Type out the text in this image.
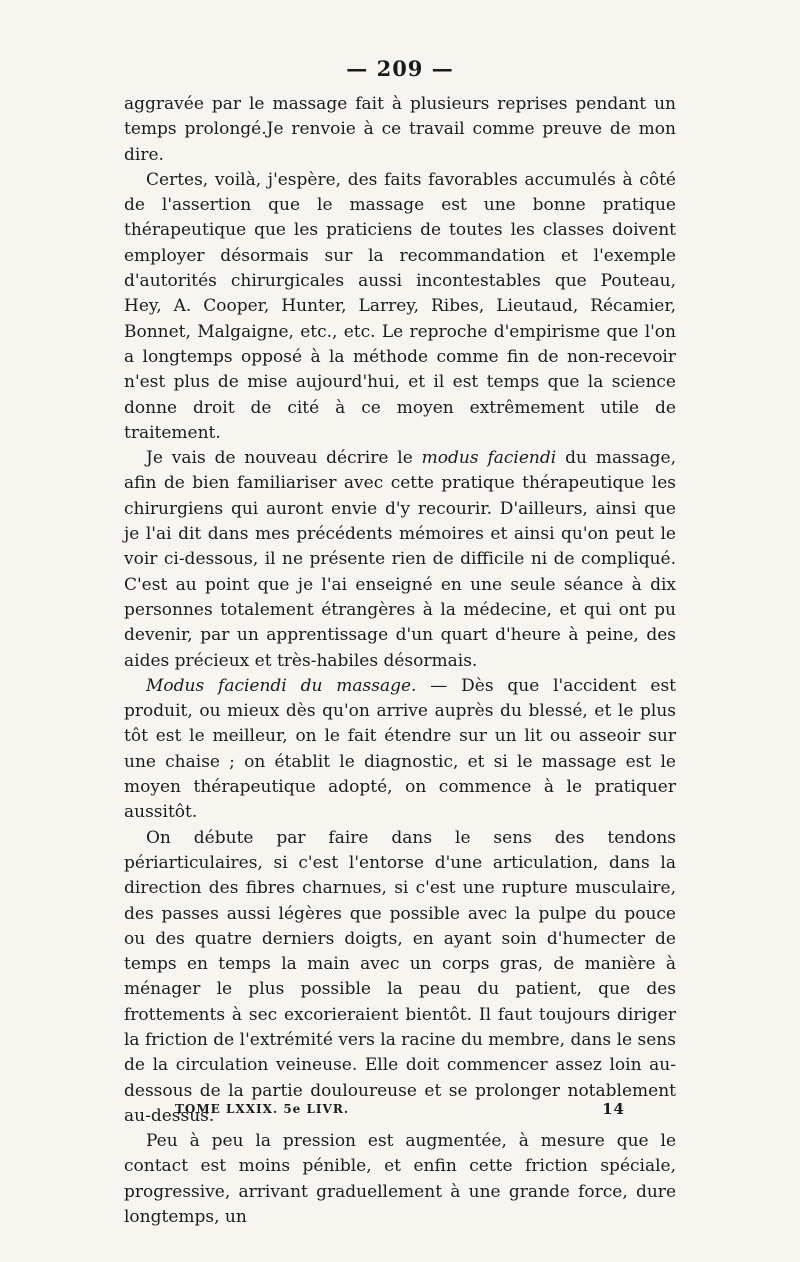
— 209 —

aggravée par le massage fait à plusieurs reprises pendant un temps prolongé.Je renvoie à ce travail comme preuve de mon dire.

Certes, voilà, j'espère, des faits favorables accumulés à côté de l'assertion que le massage est une bonne pratique thérapeutique que les praticiens de toutes les classes doivent employer désormais sur la recommandation et l'exemple d'autorités chirurgicales aussi incontestables que Pouteau, Hey, A. Cooper, Hunter, Larrey, Ribes, Lieutaud, Récamier, Bonnet, Malgaigne, etc., etc. Le reproche d'empirisme que l'on a longtemps opposé à la méthode comme fin de non-recevoir n'est plus de mise aujourd'hui, et il est temps que la science donne droit de cité à ce moyen extrêmement utile de traitement.

Je vais de nouveau décrire le modus faciendi du massage, afin de bien familiariser avec cette pratique thérapeutique les chirurgiens qui auront envie d'y recourir. D'ailleurs, ainsi que je l'ai dit dans mes précédents mémoires et ainsi qu'on peut le voir ci-dessous, il ne présente rien de difficile ni de compliqué. C'est au point que je l'ai enseigné en une seule séance à dix personnes totalement étrangères à la médecine, et qui ont pu devenir, par un apprentissage d'un quart d'heure à peine, des aides précieux et très-habiles désormais.

Modus faciendi du massage. — Dès que l'accident est produit, ou mieux dès qu'on arrive auprès du blessé, et le plus tôt est le meilleur, on le fait étendre sur un lit ou asseoir sur une chaise ; on établit le diagnostic, et si le massage est le moyen thérapeutique adopté, on commence à le pratiquer aussitôt.

On débute par faire dans le sens des tendons périarticulaires, si c'est l'entorse d'une articulation, dans la direction des fibres charnues, si c'est une rupture musculaire, des passes aussi légères que possible avec la pulpe du pouce ou des quatre derniers doigts, en ayant soin d'humecter de temps en temps la main avec un corps gras, de manière à ménager le plus possible la peau du patient, que des frottements à sec excorieraient bientôt. Il faut toujours diriger la friction de l'extrémité vers la racine du membre, dans le sens de la circulation veineuse. Elle doit commencer assez loin au-dessous de la partie douloureuse et se prolonger notablement au-dessus.

Peu à peu la pression est augmentée, à mesure que le contact est moins pénible, et enfin cette friction spéciale, progressive, arrivant graduellement à une grande force, dure longtemps, un

TOME LXXIX. 5e LIVR.	14
